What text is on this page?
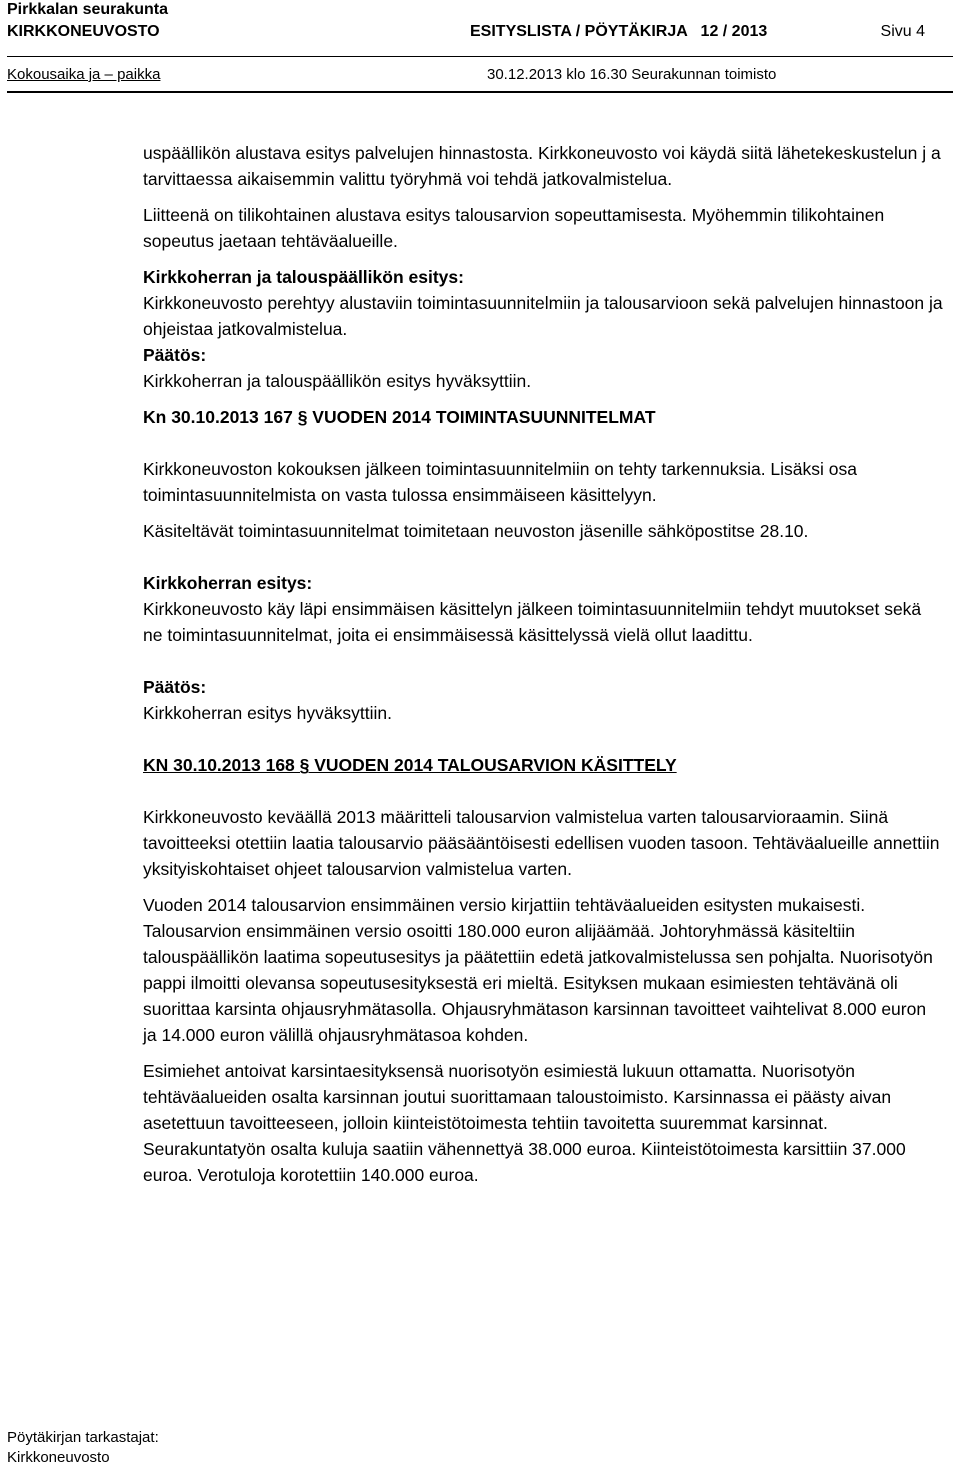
Pirkkalan seurakunta
KIRKKONEUVOSTO	ESITYSLISTA / PÖYTÄKIRJA   12 / 2013	Sivu 4
Kokousaika ja – paikka	30.12.2013 klo 16.30 Seurakunnan toimisto

uspäällikön alustava esitys palvelujen hinnastosta. Kirkkoneuvosto voi käydä siitä lähetekeskustelun j a tarvittaessa aikaisemmin valittu työryhmä voi tehdä jatkovalmistelua.

Liitteenä on tilikohtainen alustava esitys talousarvion sopeuttamisesta. Myöhemmin tilikohtainen sopeutus jaetaan tehtäväalueille.

Kirkkoherran ja talouspäällikön esitys:

Kirkkoneuvosto perehtyy alustaviin toimintasuunnitelmiin ja talousarvioon sekä palvelujen hinnastoon ja ohjeistaa jatkovalmistelua.

Päätös:

Kirkkoherran ja talouspäällikön esitys hyväksyttiin.

Kn 30.10.2013 167 § VUODEN 2014 TOIMINTASUUNNITELMAT

Kirkkoneuvoston kokouksen jälkeen toimintasuunnitelmiin on tehty tarkennuksia. Lisäksi osa toimintasuunnitelmista on vasta tulossa ensimmäiseen käsittelyyn.

Käsiteltävät toimintasuunnitelmat toimitetaan neuvoston jäsenille sähköpostitse 28.10.

Kirkkoherran esitys:

Kirkkoneuvosto käy läpi ensimmäisen käsittelyn jälkeen toimintasuunnitelmiin tehdyt muutokset sekä ne toimintasuunnitelmat, joita ei ensimmäisessä käsittelyssä vielä ollut laadittu.

Päätös:

Kirkkoherran esitys hyväksyttiin.

KN 30.10.2013 168 § VUODEN 2014 TALOUSARVION KÄSITTELY

Kirkkoneuvosto keväällä 2013 määritteli talousarvion valmistelua varten talousarvioraamin. Siinä tavoitteeksi otettiin laatia talousarvio pääsääntöisesti edellisen vuoden tasoon. Tehtäväalueille annettiin yksityiskohtaiset ohjeet talousarvion valmistelua varten.

Vuoden 2014 talousarvion ensimmäinen versio kirjattiin tehtäväalueiden esitysten mukaisesti. Talousarvion ensimmäinen versio osoitti 180.000 euron alijäämää. Johtoryhmässä käsiteltiin talouspäällikön laatima sopeutusesitys ja päätettiin edetä jatkovalmistelussa sen pohjalta. Nuorisotyön pappi ilmoitti olevansa sopeutusesityksestä eri mieltä. Esityksen mukaan esimiesten tehtävänä oli suorittaa karsinta ohjausryhmätasolla. Ohjausryhmätason karsinnan tavoitteet vaihtelivat 8.000 euron ja 14.000 euron välillä ohjausryhmätasoa kohden.

Esimiehet antoivat karsintaesityksensä nuorisotyön esimiestä lukuun ottamatta. Nuorisotyön tehtäväalueiden osalta karsinnan joutui suorittamaan taloustoimisto. Karsinnassa ei päästy aivan asetettuun tavoitteeseen, jolloin kiinteistötoimesta tehtiin tavoitetta suuremmat karsinnat. Seurakuntatyön osalta kuluja saatiin vähennettyä 38.000 euroa. Kiinteistötoimesta karsittiin 37.000 euroa. Verotuloja korotettiin 140.000 euroa.

Pöytäkirjan tarkastajat:
Kirkkoneuvosto
